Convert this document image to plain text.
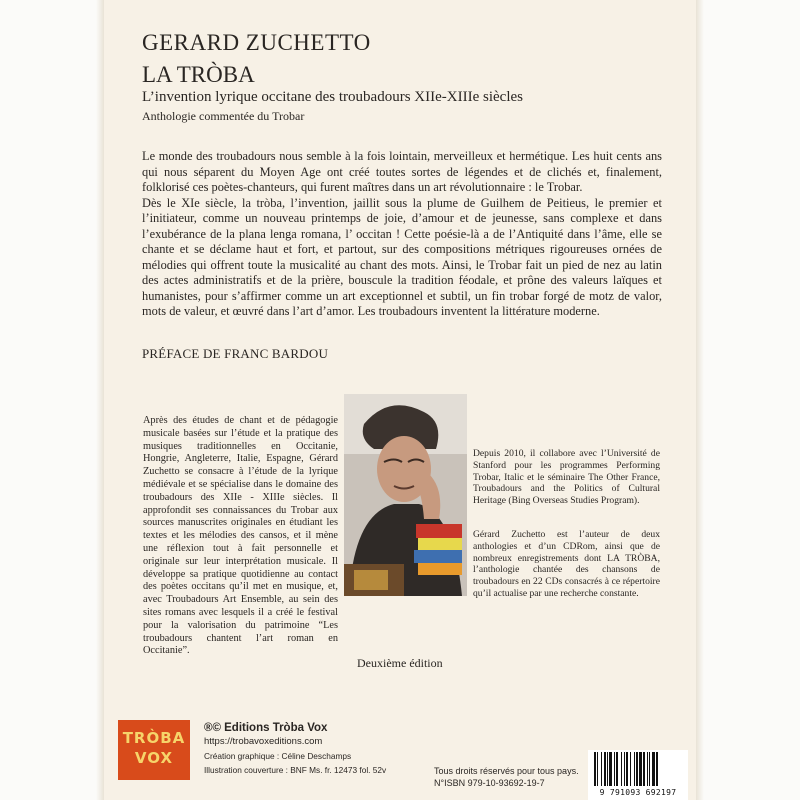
GERARD ZUCHETTO
LA TRÒBA
L’invention lyrique occitane des troubadours XIIe-XIIIe siècles
Anthologie commentée du Trobar

Le monde des troubadours nous semble à la fois lointain, merveilleux et hermétique. Les huit cents ans qui nous séparent du Moyen Age ont créé toutes sortes de légendes et de clichés et, finalement, folklorisé ces poètes-chanteurs, qui furent maîtres dans un art révolutionnaire : le Trobar.

Dès le XIe siècle, la tròba, l’invention, jaillit sous la plume de Guilhem de Peitieus, le premier et l’initiateur, comme un nouveau printemps de joie, d’amour et de jeunesse, sans complexe et dans l’exubérance de la plana lenga romana, l’ occitan ! Cette poésie-là a de l’Antiquité dans l’âme, elle se chante et se déclame haut et fort, et partout, sur des compositions métriques rigoureuses ornées de mélodies qui offrent toute la musicalité au chant des mots. Ainsi, le Trobar fait un pied de nez au latin des actes administratifs et de la prière, bouscule la tradition féodale, et prône des valeurs laïques et humanistes, pour s’affirmer comme un art exceptionnel et subtil, un fin trobar forgé de motz de valor, mots de valeur, et œuvré dans l’art d’amor. Les troubadours inventent la littérature moderne.

PRÉFACE DE FRANC BARDOU
Après des études de chant et de pédagogie musicale basées sur l’étude et la pratique des musiques traditionnelles en Occitanie, Hongrie, Angleterre, Italie, Espagne, Gérard Zuchetto se consacre à l’étude de la lyrique médiévale et se spécialise dans le domaine des troubadours des XIIe - XIIIe siècles. Il approfondit ses connaissances du Trobar aux sources manuscrites originales en étudiant les textes et les mélodies des cansos, et il mène une réflexion tout à fait personnelle et originale sur leur interprétation musicale. Il développe sa pratique quotidienne au contact des poètes occitans qu’il met en musique, et, avec Troubadours Art Ensemble, au sein des sites romans avec lesquels il a créé le festival pour la valorisation du patrimoine “Les troubadours chantent l’art roman en Occitanie”.

Depuis 2010, il collabore avec l’Université de Stanford pour les programmes Performing Trobar, Italic et le séminaire The Other France, Troubadours and the Politics of Cultural Heritage (Bing Overseas Studies Program).

Gérard Zuchetto est l’auteur de deux anthologies et d’un CDRom, ainsi que de nombreux enregistrements dont LA TRÒBA, l’anthologie chantée des chansons de troubadours en 22 CDs consacrés à ce répertoire qu’il actualise par une recherche constante.

Deuxième édition
TRÒBA
VOX
®© Editions Tròba Vox
https://trobavoxeditions.com
Création graphique : Céline Deschamps
Illustration couverture : BNF Ms. fr. 12473 fol. 52v	Tous droits réservés pour tous pays.
N°ISBN 979-10-93692-19-7
9 791093 692197
